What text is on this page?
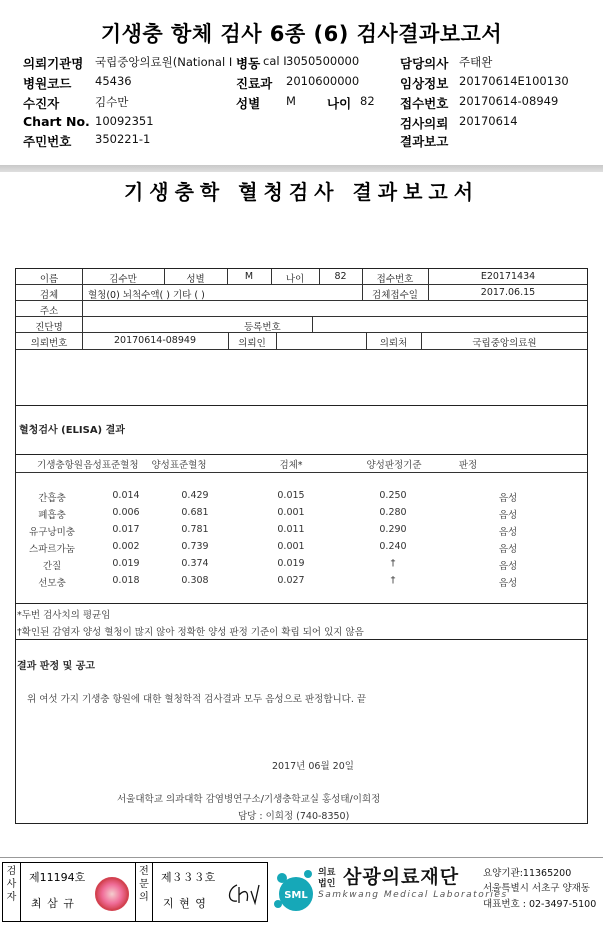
기생충 항체 검사 6종 (6) 검사결과보고서
의뢰기관명 국립중앙의료원(National I 병동 cal I 3050500000	담당의사 주태완
병원코드 45436	진료과 2010600000	임상정보 20170614E100130
수진자	김수만	성별 M 나이 82 접수번호 20170614-08949
Chart No. 10092351	검사의뢰 20170614
주민번호 350221-1	결과보고
기생충학 혈청검사 결과보고서
이름	김수만	성별	M	나이	82	접수번호	E20171434
검체	혈청(0) 뇌척수액( ) 기타 ( )	검체접수일	2017.06.15
주소
진단명	등록번호
의뢰번호	20170614-08949	의뢰인	의뢰처	국립중앙의료원
혈청검사 (ELISA) 결과
기생충항원 음성표준혈청	양성표준혈청	검체*	양성판정기준	판정
간흡충	0.014	0.429	0.015	0.250	음성
폐흡충	0.006	0.681	0.001	0.280	음성
유구낭미충	0.017	0.781	0.011	0.290	음성
스파르가눔	0.002	0.739	0.001	0.240	음성
간질	0.019	0.374	0.019	†	음성
선모충	0.018	0.308	0.027	†	음성
*두번 검사치의 평균임
†확인된 감염자 양성 혈청이 많지 않아 정확한 양성 판정 기준이 확립 되어 있지 않음
결과 판정 및 공고
위 여섯 가지 기생충 항원에 대한 혈청학적 검사결과 모두 음성으로 판정합니다. 끝
2017년 06월 20일
서울대학교 의과대학 감염병연구소/기생충학교실 홍성태/이희정
담당 : 이희정 (740-8350)
검사자
제11194호
최 삼 규
전문의
제３３３호
지 현 영
SML
의료법인 삼광의료재단
Samkwang Medical Laboratories
요양기관:11365200
서울특별시 서초구 양재동
대표번호 : 02-3497-5100
